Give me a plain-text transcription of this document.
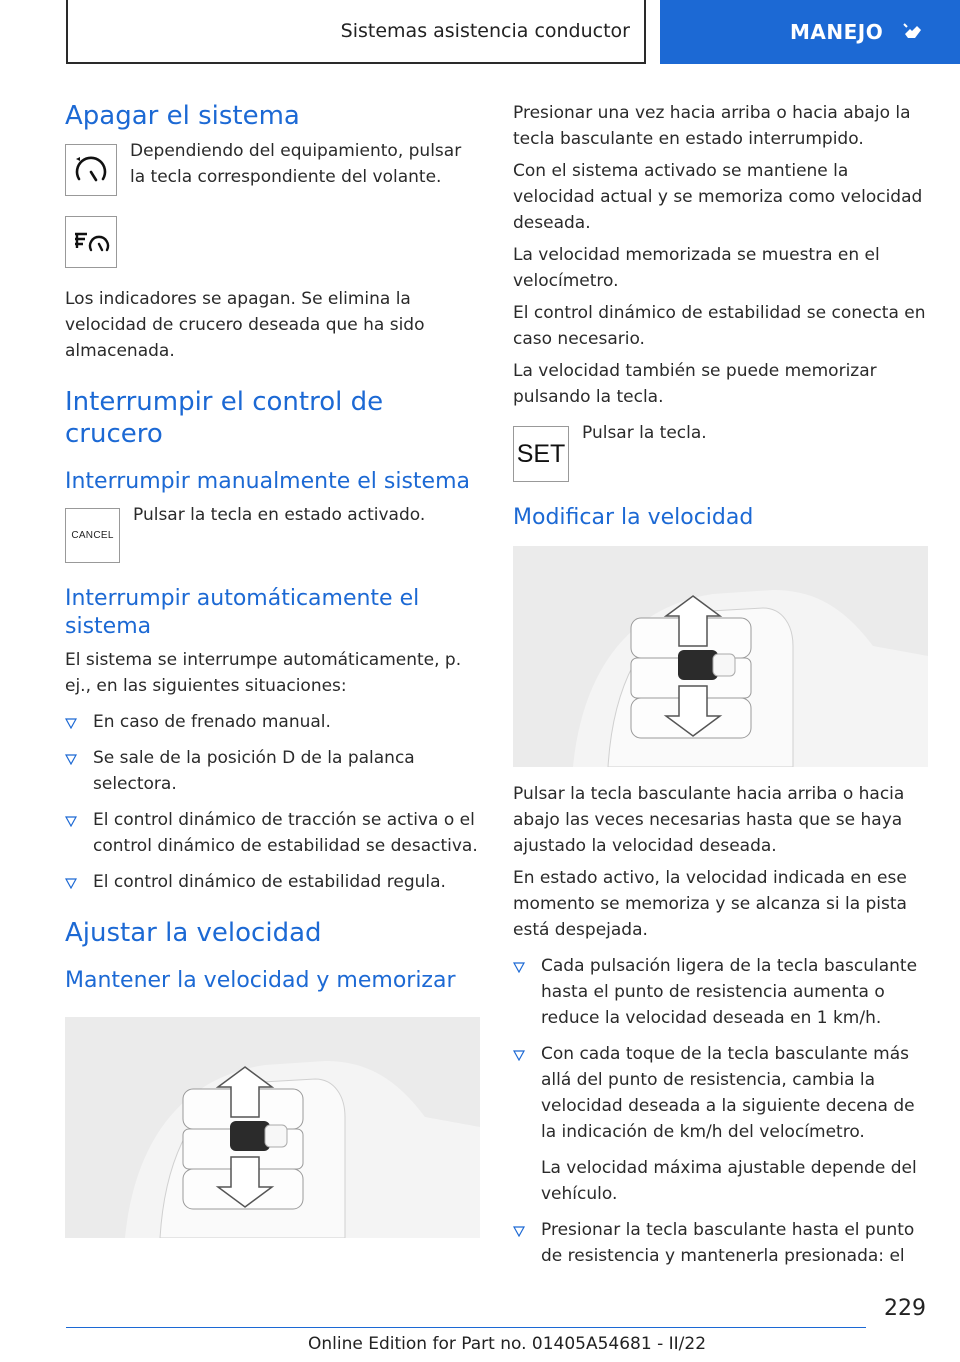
Sistemas asistencia conductor	MANEJO
Apagar el sistema

Dependiendo del equipamiento, pulsar la tecla correspondiente del volante.

Los indicadores se apagan. Se elimina la velocidad de crucero deseada que ha sido almacenada.

Interrumpir el control de crucero
Interrumpir manualmente el sistema
CANCEL

Pulsar la tecla en estado activado.

Interrumpir automáticamente el sistema

El sistema se interrumpe automáticamente, p. ej., en las siguientes situaciones:

En caso de frenado manual.
Se sale de la posición D de la palanca selectora.
El control dinámico de tracción se activa o el control dinámico de estabilidad se desactiva.
El control dinámico de estabilidad regula.
Ajustar la velocidad
Mantener la velocidad y memorizar

Presionar una vez hacia arriba o hacia abajo la tecla basculante en estado interrumpido.

Con el sistema activado se mantiene la velocidad actual y se memoriza como velocidad deseada.

La velocidad memorizada se muestra en el velocímetro.

El control dinámico de estabilidad se conecta en caso necesario.

La velocidad también se puede memorizar pulsando la tecla.

SET

Pulsar la tecla.

Modificar la velocidad

Pulsar la tecla basculante hacia arriba o hacia abajo las veces necesarias hasta que se haya ajustado la velocidad deseada.

En estado activo, la velocidad indicada en ese momento se memoriza y se alcanza si la pista está despejada.

Cada pulsación ligera de la tecla basculante hasta el punto de resistencia aumenta o reduce la velocidad deseada en 1 km/h.
Con cada toque de la tecla basculante más allá del punto de resistencia, cambia la velocidad deseada a la siguiente decena de la indicación de km/h del velocímetro.

La velocidad máxima ajustable depende del vehículo.

Presionar la tecla basculante hasta el punto de resistencia y mantenerla presionada: el
229
Online Edition for Part no. 01405A54681 - II/22
